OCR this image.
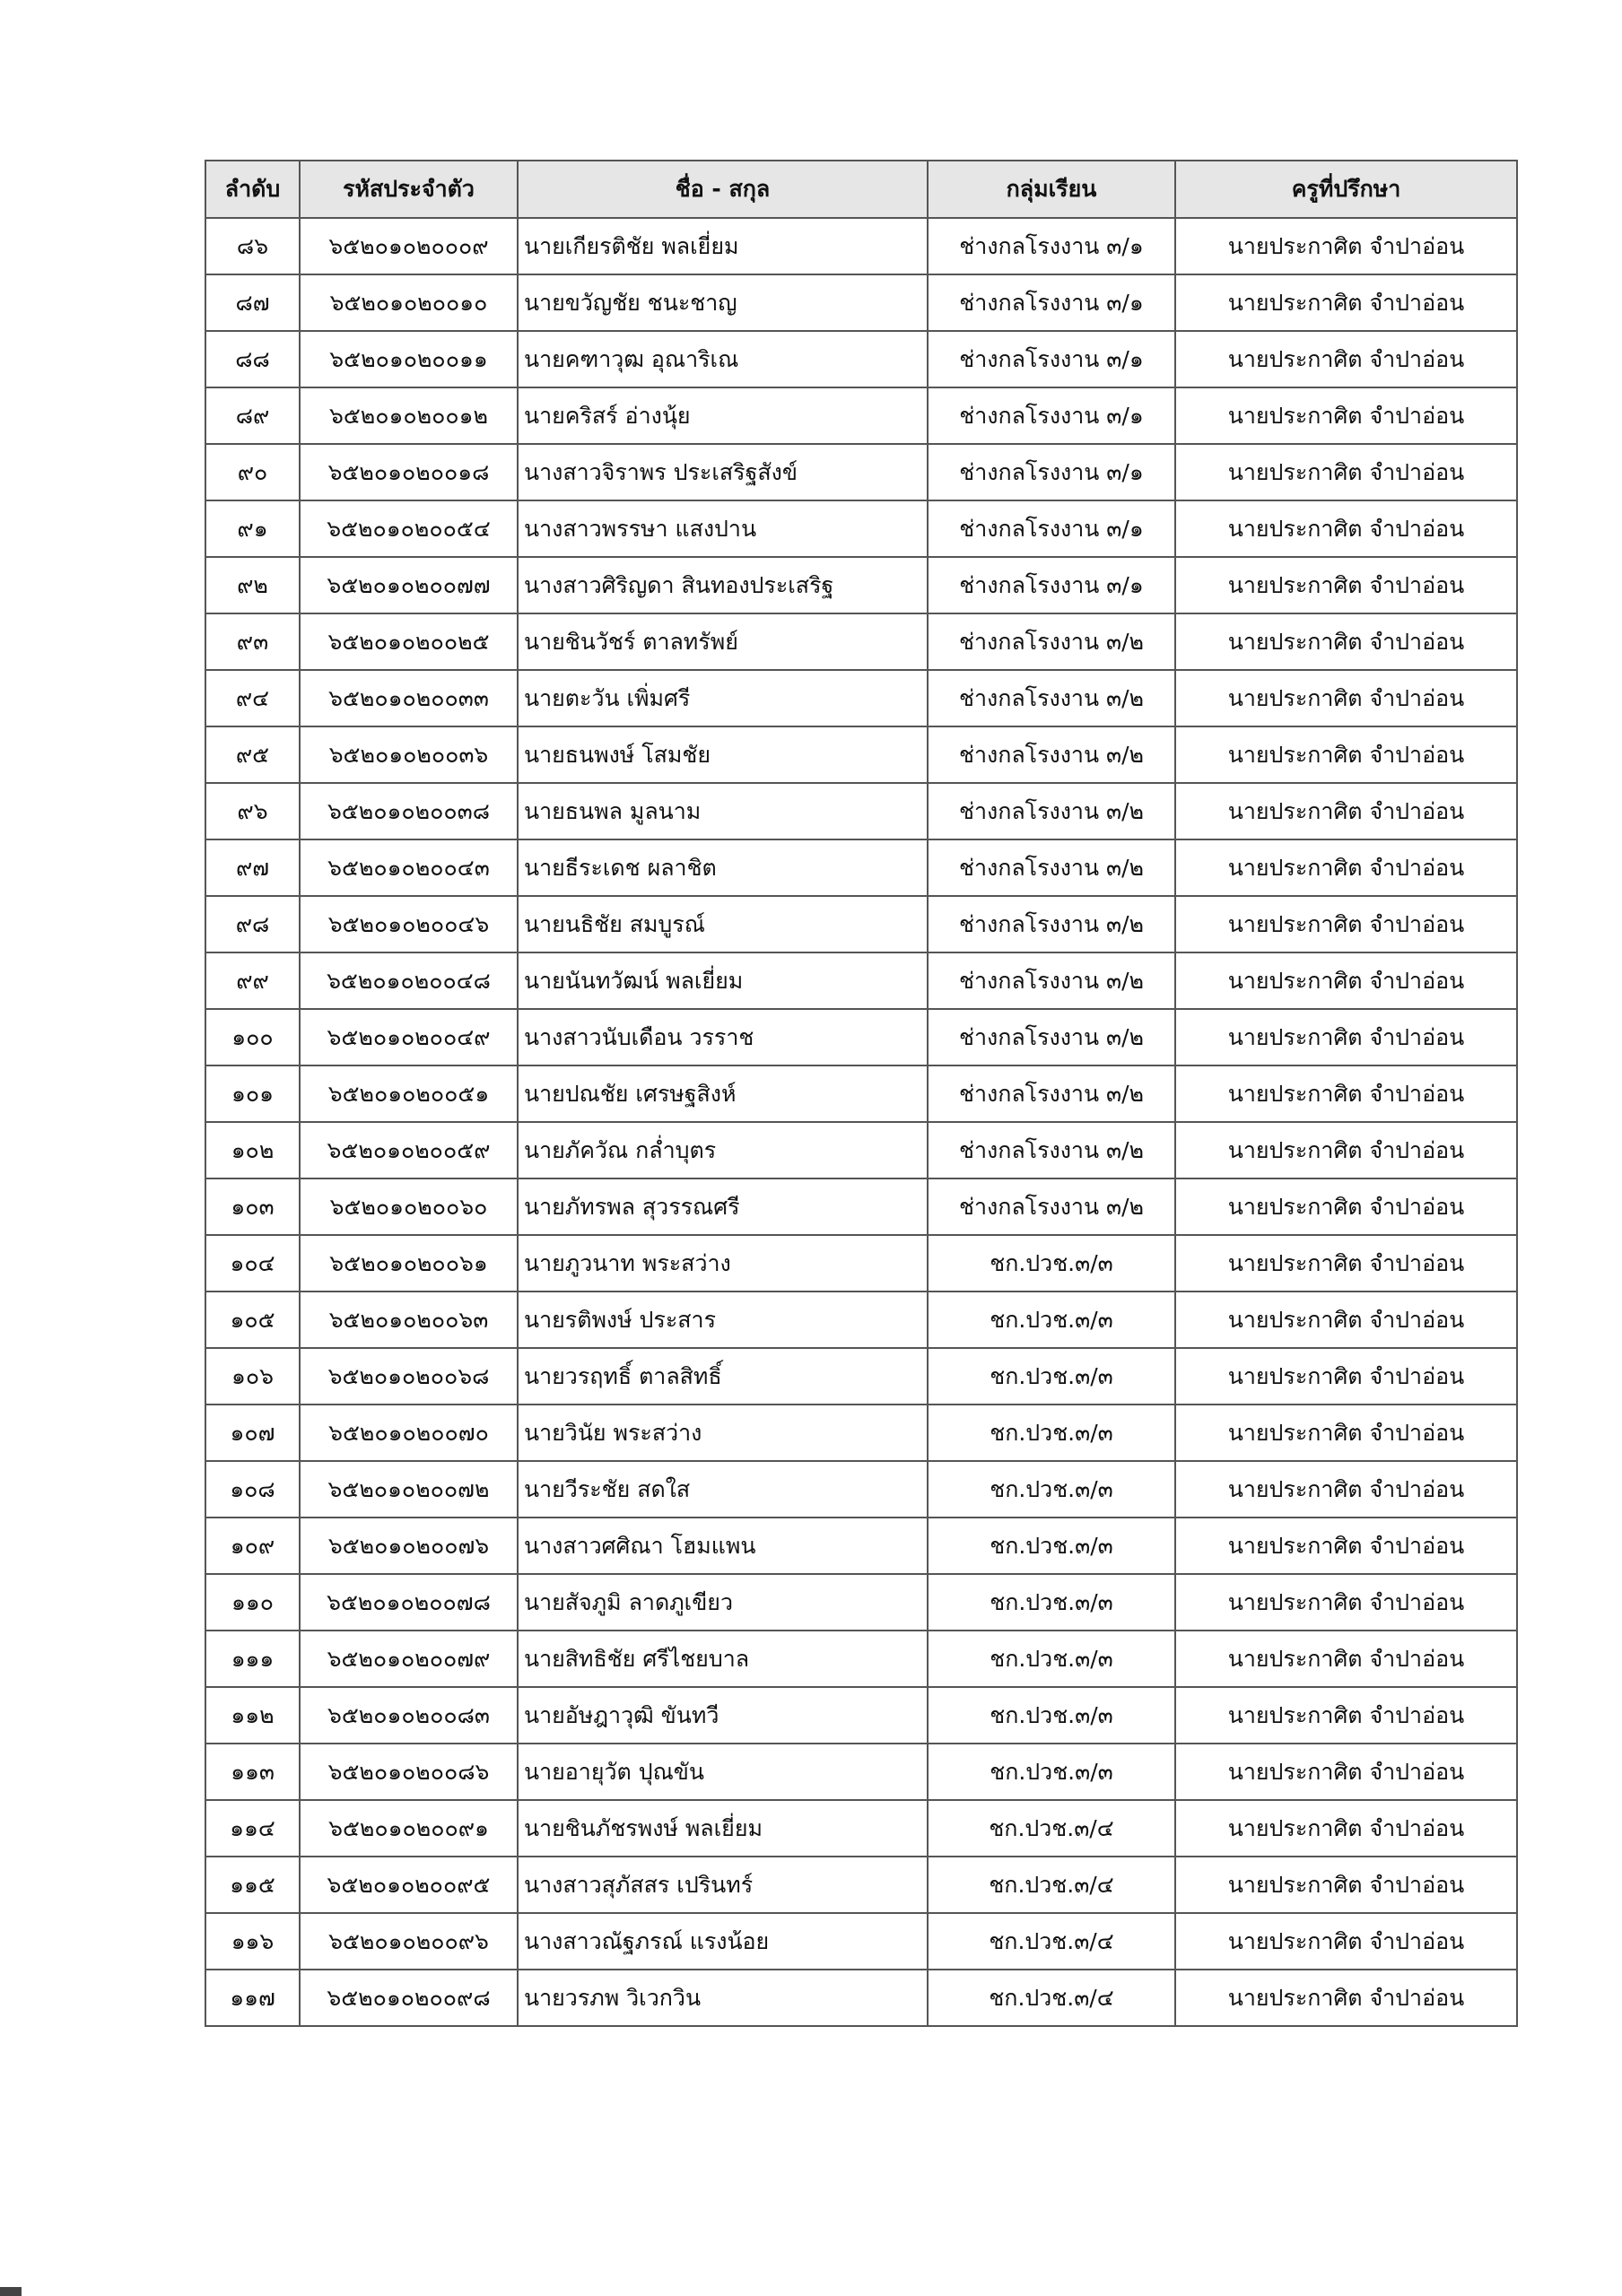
ลำดับ	รหัสประจำตัว	ชื่อ - สกุล	กลุ่มเรียน	ครูที่ปรึกษา
๘๖	๖๕๒๐๑๐๒๐๐๐๙	นายเกียรติชัย พลเยี่ยม	ช่างกลโรงงาน ๓/๑	นายประกาศิต จำปาอ่อน
๘๗	๖๕๒๐๑๐๒๐๐๑๐	นายขวัญชัย ชนะชาญ	ช่างกลโรงงาน ๓/๑	นายประกาศิต จำปาอ่อน
๘๘	๖๕๒๐๑๐๒๐๐๑๑	นายคฑาวุฒ อุณาริเณ	ช่างกลโรงงาน ๓/๑	นายประกาศิต จำปาอ่อน
๘๙	๖๕๒๐๑๐๒๐๐๑๒	นายคริสร์ อ่างนุ้ย	ช่างกลโรงงาน ๓/๑	นายประกาศิต จำปาอ่อน
๙๐	๖๕๒๐๑๐๒๐๐๑๘	นางสาวจิราพร ประเสริฐสังข์	ช่างกลโรงงาน ๓/๑	นายประกาศิต จำปาอ่อน
๙๑	๖๕๒๐๑๐๒๐๐๕๔	นางสาวพรรษา แสงปาน	ช่างกลโรงงาน ๓/๑	นายประกาศิต จำปาอ่อน
๙๒	๖๕๒๐๑๐๒๐๐๗๗	นางสาวศิริญดา สินทองประเสริฐ	ช่างกลโรงงาน ๓/๑	นายประกาศิต จำปาอ่อน
๙๓	๖๕๒๐๑๐๒๐๐๒๕	นายชินวัชร์ ตาลทรัพย์	ช่างกลโรงงาน ๓/๒	นายประกาศิต จำปาอ่อน
๙๔	๖๕๒๐๑๐๒๐๐๓๓	นายตะวัน เพิ่มศรี	ช่างกลโรงงาน ๓/๒	นายประกาศิต จำปาอ่อน
๙๕	๖๕๒๐๑๐๒๐๐๓๖	นายธนพงษ์ โสมชัย	ช่างกลโรงงาน ๓/๒	นายประกาศิต จำปาอ่อน
๙๖	๖๕๒๐๑๐๒๐๐๓๘	นายธนพล มูลนาม	ช่างกลโรงงาน ๓/๒	นายประกาศิต จำปาอ่อน
๙๗	๖๕๒๐๑๐๒๐๐๔๓	นายธีระเดช ผลาชิต	ช่างกลโรงงาน ๓/๒	นายประกาศิต จำปาอ่อน
๙๘	๖๕๒๐๑๐๒๐๐๔๖	นายนธิชัย สมบูรณ์	ช่างกลโรงงาน ๓/๒	นายประกาศิต จำปาอ่อน
๙๙	๖๕๒๐๑๐๒๐๐๔๘	นายนันทวัฒน์ พลเยี่ยม	ช่างกลโรงงาน ๓/๒	นายประกาศิต จำปาอ่อน
๑๐๐	๖๕๒๐๑๐๒๐๐๔๙	นางสาวนับเดือน วรราช	ช่างกลโรงงาน ๓/๒	นายประกาศิต จำปาอ่อน
๑๐๑	๖๕๒๐๑๐๒๐๐๕๑	นายปณชัย เศรษฐสิงห์	ช่างกลโรงงาน ๓/๒	นายประกาศิต จำปาอ่อน
๑๐๒	๖๕๒๐๑๐๒๐๐๕๙	นายภัควัณ กล่ำบุตร	ช่างกลโรงงาน ๓/๒	นายประกาศิต จำปาอ่อน
๑๐๓	๖๕๒๐๑๐๒๐๐๖๐	นายภัทรพล สุวรรณศรี	ช่างกลโรงงาน ๓/๒	นายประกาศิต จำปาอ่อน
๑๐๔	๖๕๒๐๑๐๒๐๐๖๑	นายภูวนาท พระสว่าง	ชก.ปวช.๓/๓	นายประกาศิต จำปาอ่อน
๑๐๕	๖๕๒๐๑๐๒๐๐๖๓	นายรติพงษ์ ประสาร	ชก.ปวช.๓/๓	นายประกาศิต จำปาอ่อน
๑๐๖	๖๕๒๐๑๐๒๐๐๖๘	นายวรฤทธิ์ ตาลสิทธิ์	ชก.ปวช.๓/๓	นายประกาศิต จำปาอ่อน
๑๐๗	๖๕๒๐๑๐๒๐๐๗๐	นายวินัย พระสว่าง	ชก.ปวช.๓/๓	นายประกาศิต จำปาอ่อน
๑๐๘	๖๕๒๐๑๐๒๐๐๗๒	นายวีระชัย สดใส	ชก.ปวช.๓/๓	นายประกาศิต จำปาอ่อน
๑๐๙	๖๕๒๐๑๐๒๐๐๗๖	นางสาวศศิณา โฮมแพน	ชก.ปวช.๓/๓	นายประกาศิต จำปาอ่อน
๑๑๐	๖๕๒๐๑๐๒๐๐๗๘	นายสัจภูมิ ลาดภูเขียว	ชก.ปวช.๓/๓	นายประกาศิต จำปาอ่อน
๑๑๑	๖๕๒๐๑๐๒๐๐๗๙	นายสิทธิชัย ศรีไชยบาล	ชก.ปวช.๓/๓	นายประกาศิต จำปาอ่อน
๑๑๒	๖๕๒๐๑๐๒๐๐๘๓	นายอัษฎาวุฒิ ขันทวี	ชก.ปวช.๓/๓	นายประกาศิต จำปาอ่อน
๑๑๓	๖๕๒๐๑๐๒๐๐๘๖	นายอายุวัต ปุณขัน	ชก.ปวช.๓/๓	นายประกาศิต จำปาอ่อน
๑๑๔	๖๕๒๐๑๐๒๐๐๙๑	นายชินภัชรพงษ์ พลเยี่ยม	ชก.ปวช.๓/๔	นายประกาศิต จำปาอ่อน
๑๑๕	๖๕๒๐๑๐๒๐๐๙๕	นางสาวสุภัสสร เปรินทร์	ชก.ปวช.๓/๔	นายประกาศิต จำปาอ่อน
๑๑๖	๖๕๒๐๑๐๒๐๐๙๖	นางสาวณัฐภรณ์ แรงน้อย	ชก.ปวช.๓/๔	นายประกาศิต จำปาอ่อน
๑๑๗	๖๕๒๐๑๐๒๐๐๙๘	นายวรภพ วิเวกวิน	ชก.ปวช.๓/๔	นายประกาศิต จำปาอ่อน
